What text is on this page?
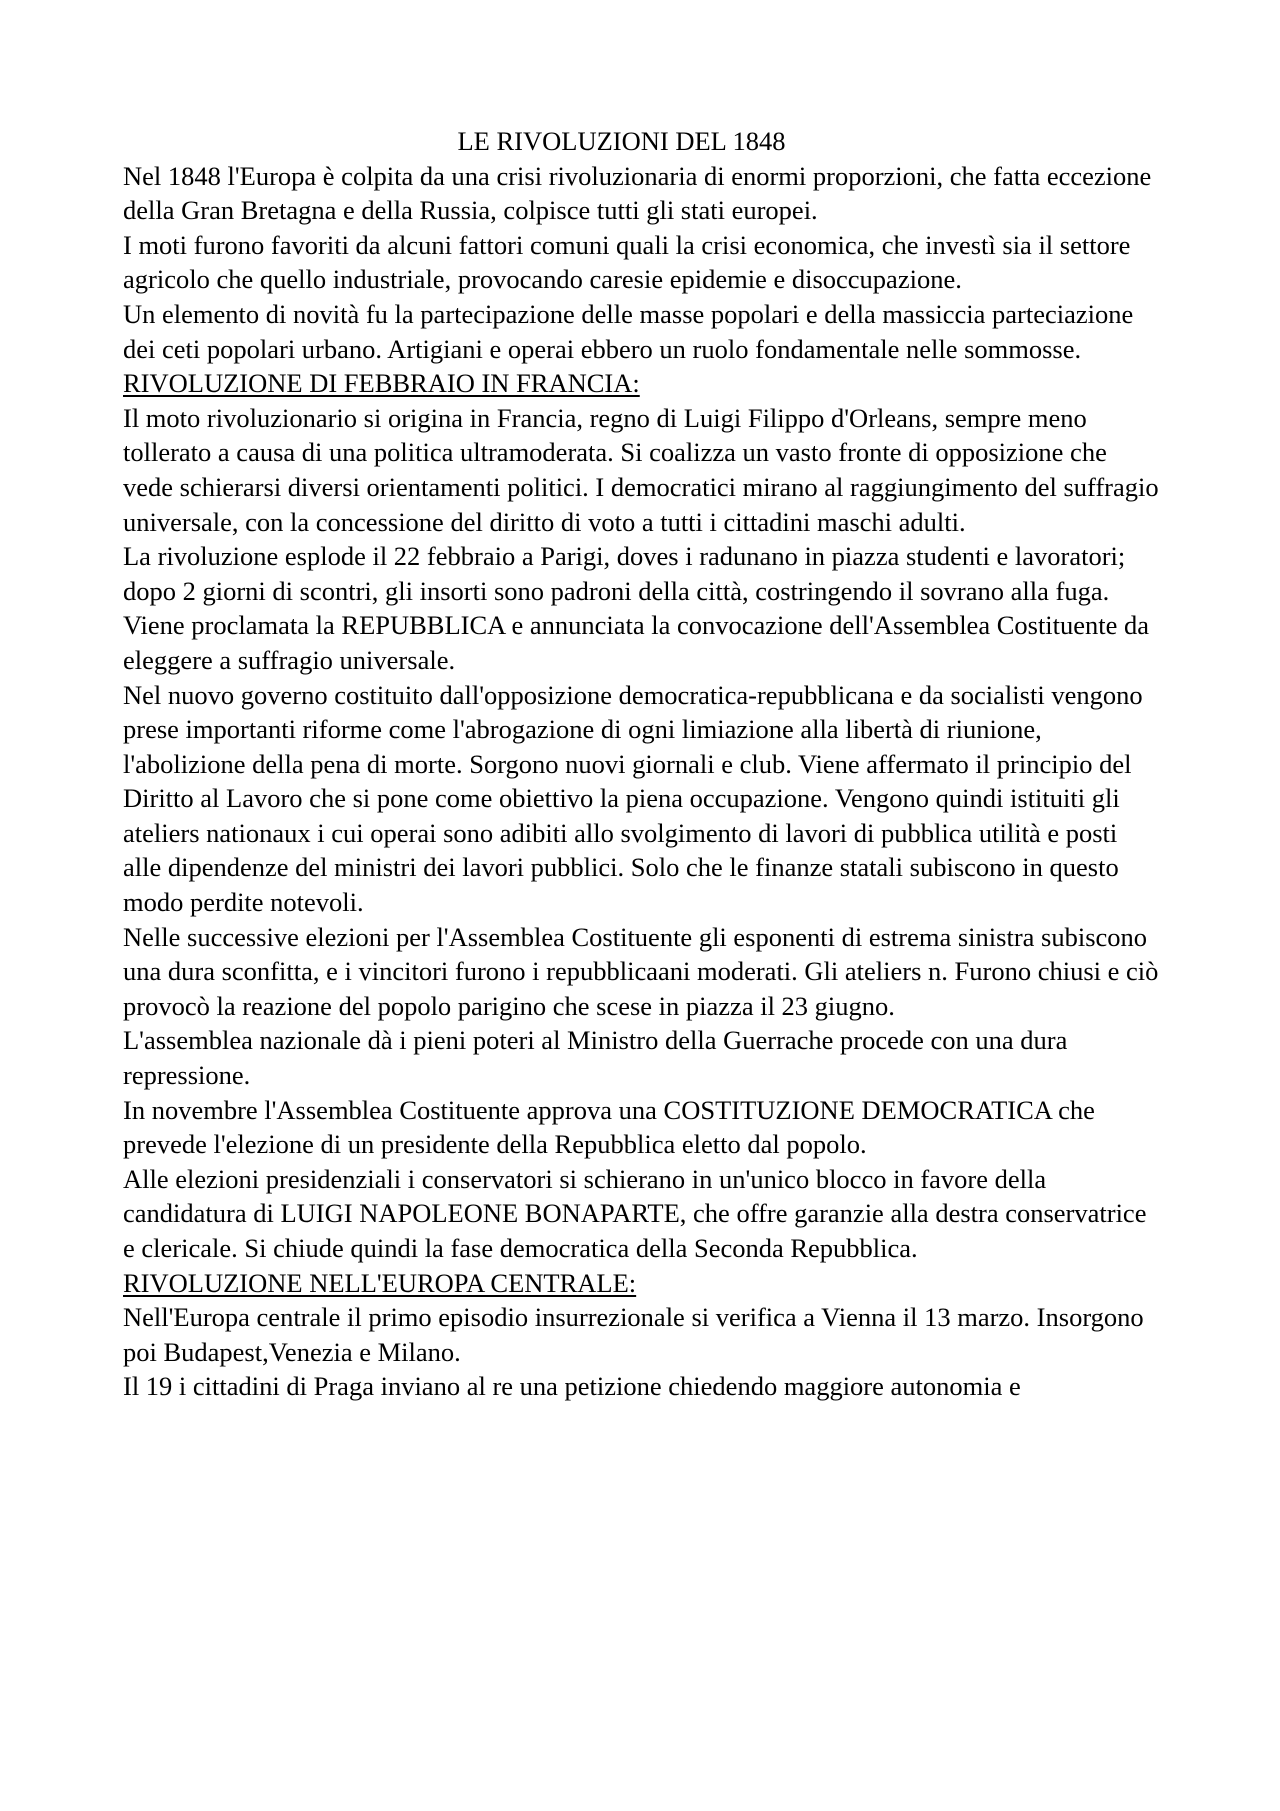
LE RIVOLUZIONI DEL 1848

Nel 1848 l'Europa è colpita da una crisi rivoluzionaria di enormi proporzioni, che fatta eccezione della Gran Bretagna e della Russia, colpisce tutti gli stati europei.

I moti furono favoriti da alcuni fattori comuni quali la crisi economica, che investì sia il settore agricolo che quello industriale, provocando caresie epidemie e disoccupazione.

Un elemento di novità fu la partecipazione delle masse popolari e della massiccia parteciazione dei ceti popolari urbano. Artigiani e operai ebbero un ruolo fondamentale nelle sommosse.

RIVOLUZIONE DI FEBBRAIO IN FRANCIA:

Il moto rivoluzionario si origina in Francia, regno di Luigi Filippo d'Orleans, sempre meno tollerato a causa di una politica ultramoderata. Si coalizza un vasto fronte di opposizione che vede schierarsi diversi orientamenti politici. I democratici mirano al raggiungimento del suffragio universale, con la concessione del diritto di voto a tutti i cittadini maschi adulti.

La rivoluzione esplode il 22 febbraio a Parigi, doves i radunano in piazza studenti e lavoratori; dopo 2 giorni di scontri, gli insorti sono padroni della città, costringendo il sovrano alla fuga.

Viene proclamata la REPUBBLICA e annunciata la convocazione dell'Assemblea Costituente da eleggere a suffragio universale.

Nel nuovo governo costituito dall'opposizione democratica-repubblicana e da socialisti vengono prese importanti riforme come l'abrogazione di ogni limiazione alla libertà di riunione, l'abolizione della pena di morte. Sorgono nuovi giornali e club. Viene affermato il principio del Diritto al Lavoro che si pone come obiettivo la piena occupazione. Vengono quindi istituiti gli ateliers nationaux i cui operai sono adibiti allo svolgimento di lavori di pubblica utilità e posti alle dipendenze del ministri dei lavori pubblici. Solo che le finanze statali subiscono in questo modo perdite notevoli.

Nelle successive elezioni per l'Assemblea Costituente gli esponenti di estrema sinistra subiscono una dura sconfitta, e i vincitori furono i repubblicaani moderati. Gli ateliers n. Furono chiusi e ciò provocò la reazione del popolo parigino che scese in piazza il 23 giugno.

L'assemblea nazionale dà i pieni poteri al Ministro della Guerrache procede con una dura repressione.

In novembre l'Assemblea Costituente approva una COSTITUZIONE DEMOCRATICA che prevede l'elezione di un presidente della Repubblica eletto dal popolo.

Alle elezioni presidenziali i conservatori si schierano in un'unico blocco in favore della candidatura di LUIGI NAPOLEONE BONAPARTE, che offre garanzie alla destra conservatrice e clericale. Si chiude quindi la fase democratica della Seconda Repubblica.

RIVOLUZIONE NELL'EUROPA CENTRALE:

Nell'Europa centrale il primo episodio insurrezionale si verifica a Vienna il 13 marzo. Insorgono poi Budapest,Venezia e Milano.

Il 19 i cittadini di Praga inviano al re una petizione chiedendo maggiore autonomia e
